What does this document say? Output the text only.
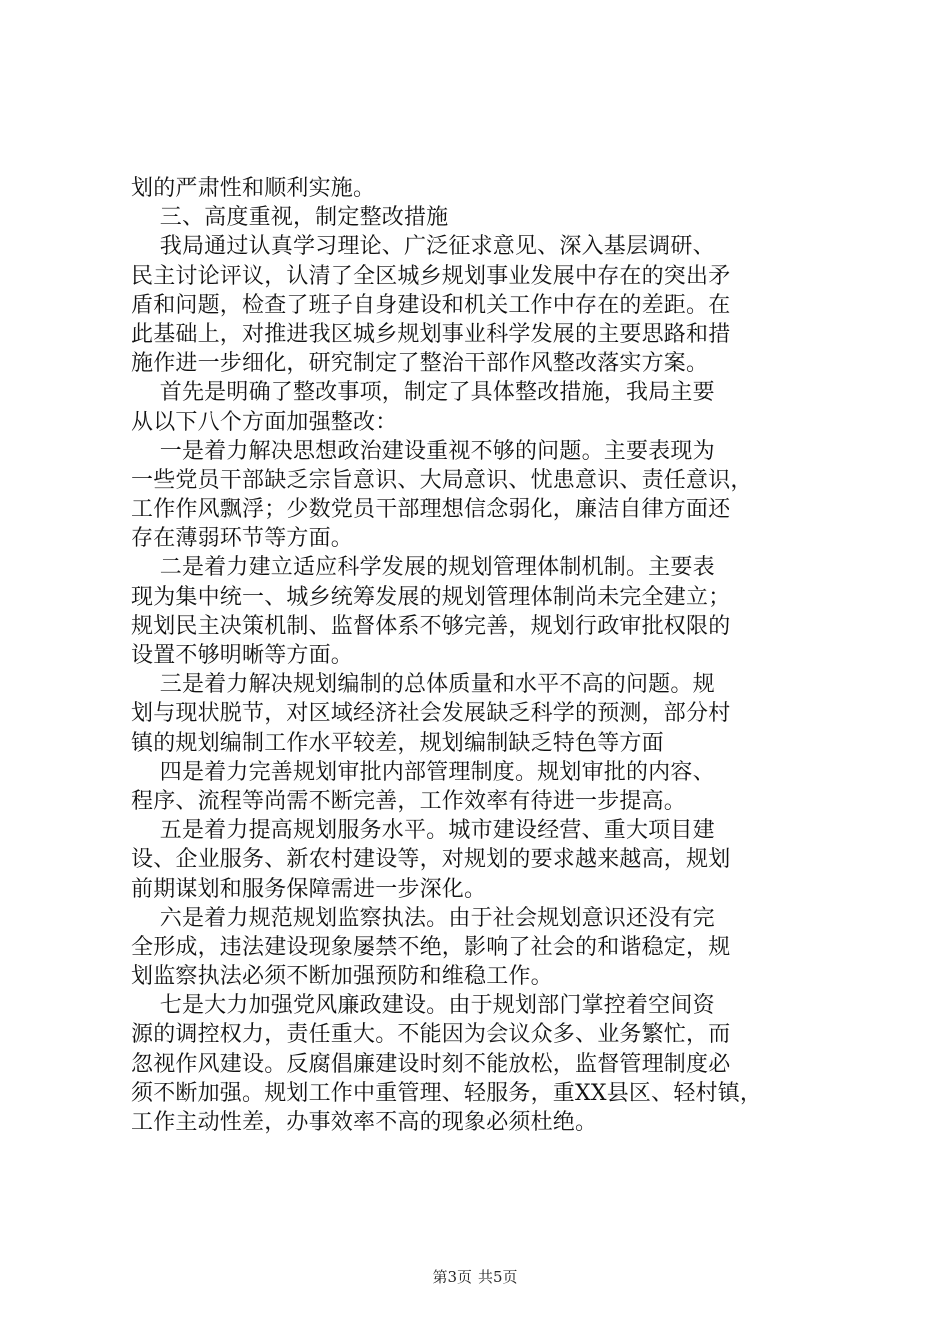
划的严肃性和顺利实施。
三、高度重视，制定整改措施
我局通过认真学习理论、广泛征求意见、深入基层调研、
民主讨论评议，认清了全区城乡规划事业发展中存在的突出矛
盾和问题，检查了班子自身建设和机关工作中存在的差距。在
此基础上，对推进我区城乡规划事业科学发展的主要思路和措
施作进一步细化，研究制定了整治干部作风整改落实方案。
首先是明确了整改事项，制定了具体整改措施，我局主要
从以下八个方面加强整改：
一是着力解决思想政治建设重视不够的问题。主要表现为
一些党员干部缺乏宗旨意识、大局意识、忧患意识、责任意识，
工作作风飘浮；少数党员干部理想信念弱化，廉洁自律方面还
存在薄弱环节等方面。
二是着力建立适应科学发展的规划管理体制机制。主要表
现为集中统一、城乡统筹发展的规划管理体制尚未完全建立；
规划民主决策机制、监督体系不够完善，规划行政审批权限的
设置不够明晰等方面。
三是着力解决规划编制的总体质量和水平不高的问题。规
划与现状脱节，对区域经济社会发展缺乏科学的预测，部分村
镇的规划编制工作水平较差，规划编制缺乏特色等方面
四是着力完善规划审批内部管理制度。规划审批的内容、
程序、流程等尚需不断完善，工作效率有待进一步提高。
五是着力提高规划服务水平。城市建设经营、重大项目建
设、企业服务、新农村建设等，对规划的要求越来越高，规划
前期谋划和服务保障需进一步深化。
六是着力规范规划监察执法。由于社会规划意识还没有完
全形成，违法建设现象屡禁不绝，影响了社会的和谐稳定，规
划监察执法必须不断加强预防和维稳工作。
七是大力加强党风廉政建设。由于规划部门掌控着空间资
源的调控权力，责任重大。不能因为会议众多、业务繁忙，而
忽视作风建设。反腐倡廉建设时刻不能放松，监督管理制度必
须不断加强。规划工作中重管理、轻服务，重XX县区、轻村镇，
工作主动性差，办事效率不高的现象必须杜绝。
第3页 共5页
